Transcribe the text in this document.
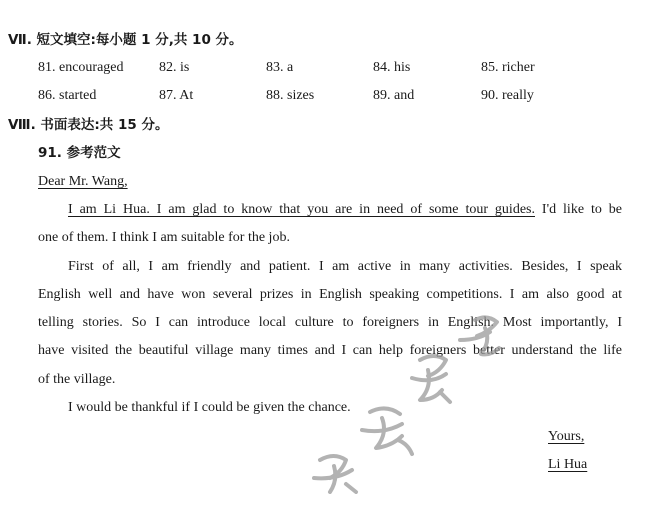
Ⅶ. 短文填空:每小题 1 分,共 10 分。
81. encouraged	82. is	83. a	84. his	85. richer
86. started	87. At	88. sizes	89. and	90. really
Ⅷ. 书面表达:共 15 分。
91. 参考范文
Dear Mr. Wang,
I am Li Hua. I am glad to know that you are in need of some tour guides. I'd like to be
one of them. I think I am suitable for the job.
First of all, I am friendly and patient. I am active in many activities. Besides, I speak
English well and have won several prizes in English speaking competitions. I am also good at
telling stories. So I can introduce local culture to foreigners in English. Most importantly, I
have visited the beautiful village many times and I can help foreigners better understand the life
of the village.
I would be thankful if I could be given the chance.
Yours,
Li Hua
